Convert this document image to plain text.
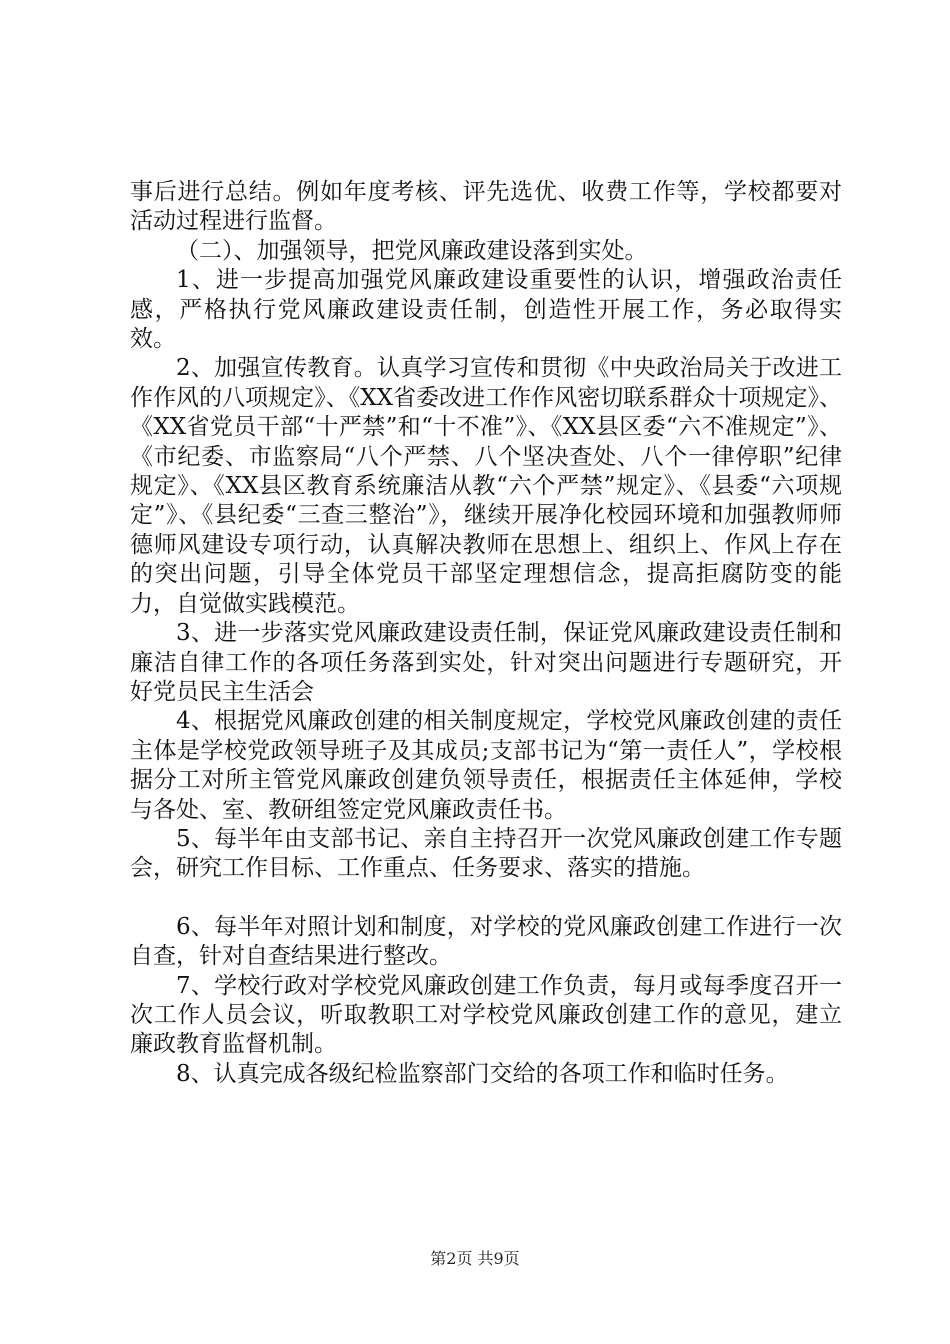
事后进行总结。例如年度考核、评先选优、收费工作等，学校都要对活动过程进行监督。

（二）、加强领导，把党风廉政建设落到实处。

1、进一步提高加强党风廉政建设重要性的认识，增强政治责任感，严格执行党风廉政建设责任制，创造性开展工作，务必取得实效。

2、加强宣传教育。认真学习宣传和贯彻《中央政治局关于改进工作作风的八项规定》、《XX省委改进工作作风密切联系群众十项规定》、《XX省党员干部“十严禁”和“十不准”》、《XX县区委“六不准规定”》、《市纪委、市监察局“八个严禁、八个坚决查处、八个一律停职”纪律规定》、《XX县区教育系统廉洁从教“六个严禁”规定》、《县委“六项规定”》、《县纪委“三查三整治”》，继续开展净化校园环境和加强教师师德师风建设专项行动，认真解决教师在思想上、组织上、作风上存在的突出问题，引导全体党员干部坚定理想信念，提高拒腐防变的能力，自觉做实践模范。

3、进一步落实党风廉政建设责任制，保证党风廉政建设责任制和廉洁自律工作的各项任务落到实处，针对突出问题进行专题研究，开好党员民主生活会

4、根据党风廉政创建的相关制度规定，学校党风廉政创建的责任主体是学校党政领导班子及其成员;支部书记为“第一责任人”，学校根据分工对所主管党风廉政创建负领导责任，根据责任主体延伸，学校与各处、室、教研组签定党风廉政责任书。

5、每半年由支部书记、亲自主持召开一次党风廉政创建工作专题会，研究工作目标、工作重点、任务要求、落实的措施。

6、每半年对照计划和制度，对学校的党风廉政创建工作进行一次自查，针对自查结果进行整改。

7、学校行政对学校党风廉政创建工作负责，每月或每季度召开一次工作人员会议，听取教职工对学校党风廉政创建工作的意见，建立廉政教育监督机制。

8、认真完成各级纪检监察部门交给的各项工作和临时任务。

第2页 共9页
